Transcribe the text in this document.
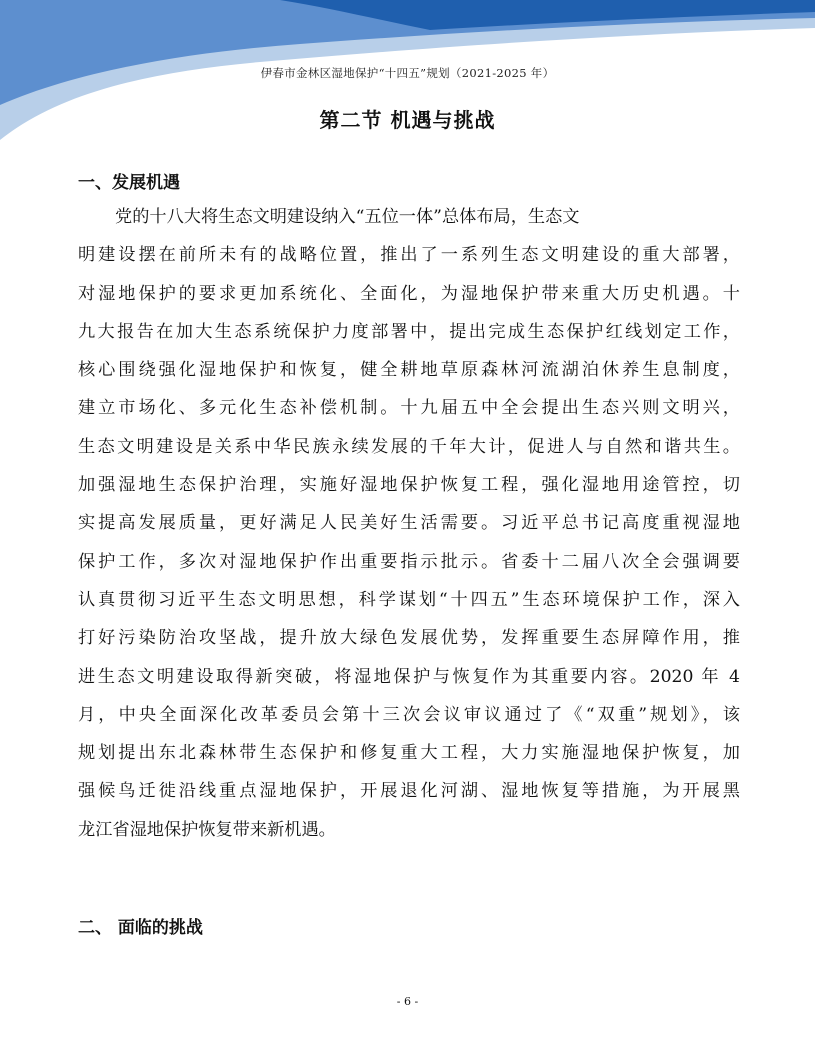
伊春市金林区湿地保护“十四五”规划（2021-2025 年）
第二节 机遇与挑战
一、发展机遇
党的十八大将生态文明建设纳入“五位一体”总体布局，生态文
明建设摆在前所未有的战略位置，推出了一系列生态文明建设的重大部署，
对湿地保护的要求更加系统化、全面化，为湿地保护带来重大历史机遇。十
九大报告在加大生态系统保护力度部署中，提出完成生态保护红线划定工作，
核心围绕强化湿地保护和恢复，健全耕地草原森林河流湖泊休养生息制度，
建立市场化、多元化生态补偿机制。十九届五中全会提出生态兴则文明兴，
生态文明建设是关系中华民族永续发展的千年大计，促进人与自然和谐共生。
加强湿地生态保护治理，实施好湿地保护恢复工程，强化湿地用途管控，切
实提高发展质量，更好满足人民美好生活需要。习近平总书记高度重视湿地
保护工作，多次对湿地保护作出重要指示批示。省委十二届八次全会强调要
认真贯彻习近平生态文明思想，科学谋划“十四五”生态环境保护工作，深入
打好污染防治攻坚战，提升放大绿色发展优势，发挥重要生态屏障作用，推
进生态文明建设取得新突破，将湿地保护与恢复作为其重要内容。2020 年 4
月，中央全面深化改革委员会第十三次会议审议通过了《“双重”规划》，该
规划提出东北森林带生态保护和修复重大工程，大力实施湿地保护恢复，加
强候鸟迁徙沿线重点湿地保护，开展退化河湖、湿地恢复等措施，为开展黑
龙江省湿地保护恢复带来新机遇。
二、 面临的挑战
- 6 -
